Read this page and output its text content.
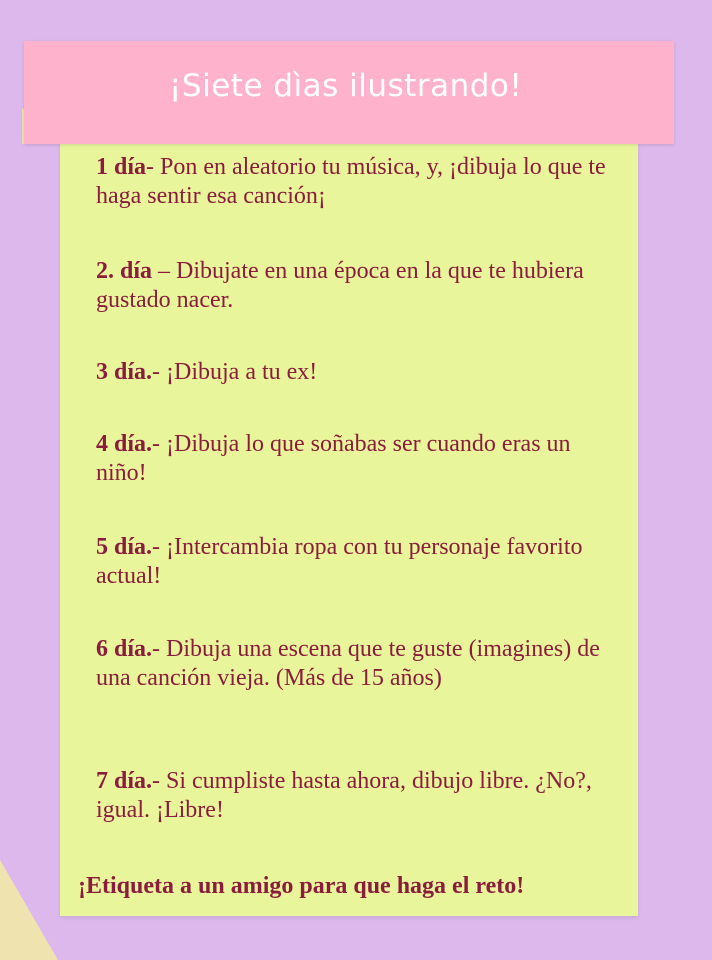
¡Siete dìas ilustrando!
1 día- Pon en aleatorio tu música, y, ¡dibuja lo que te haga sentir esa canción¡
2. día – Dibujate en una época en la que te hubiera gustado nacer.
3 día.- ¡Dibuja a tu ex!
4 día.- ¡Dibuja lo que soñabas ser cuando eras un niño!
5 día.- ¡Intercambia ropa con tu personaje favorito actual!
6 día.- Dibuja una escena que te guste (imagines) de una canción vieja. (Más de 15 años)
7 día.- Si cumpliste hasta ahora, dibujo libre. ¿No?, igual. ¡Libre!
¡Etiqueta a un amigo para que haga el reto!
